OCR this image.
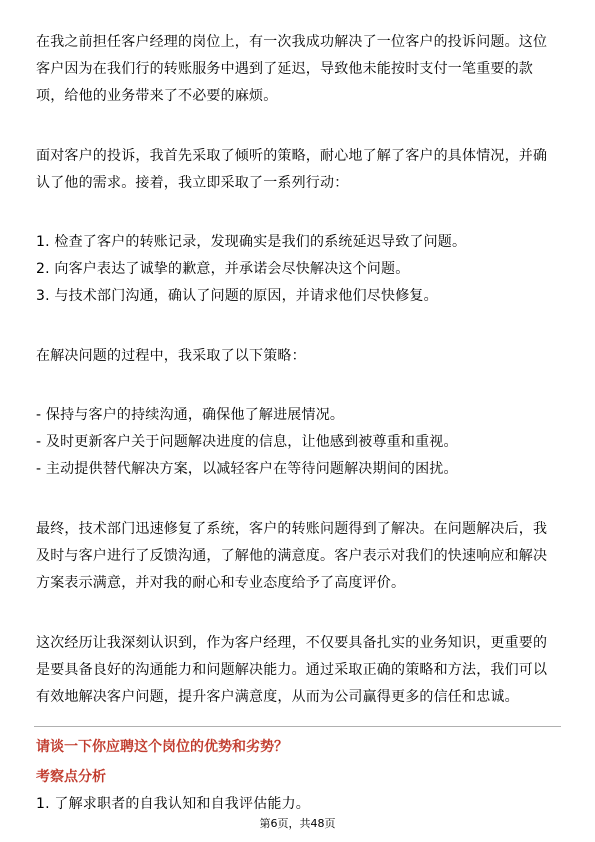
在我之前担任客户经理的岗位上，有一次我成功解决了一位客户的投诉问题。这位
客户因为在我们行的转账服务中遇到了延迟，导致他未能按时支付一笔重要的款
项，给他的业务带来了不必要的麻烦。
面对客户的投诉，我首先采取了倾听的策略，耐心地了解了客户的具体情况，并确
认了他的需求。接着，我立即采取了一系列行动：
1. 检查了客户的转账记录，发现确实是我们的系统延迟导致了问题。
2. 向客户表达了诚挚的歉意，并承诺会尽快解决这个问题。
3. 与技术部门沟通，确认了问题的原因，并请求他们尽快修复。
在解决问题的过程中，我采取了以下策略：
- 保持与客户的持续沟通，确保他了解进展情况。
- 及时更新客户关于问题解决进度的信息，让他感到被尊重和重视。
- 主动提供替代解决方案，以减轻客户在等待问题解决期间的困扰。
最终，技术部门迅速修复了系统，客户的转账问题得到了解决。在问题解决后，我
及时与客户进行了反馈沟通，了解他的满意度。客户表示对我们的快速响应和解决
方案表示满意，并对我的耐心和专业态度给予了高度评价。
这次经历让我深刻认识到，作为客户经理，不仅要具备扎实的业务知识，更重要的
是要具备良好的沟通能力和问题解决能力。通过采取正确的策略和方法，我们可以
有效地解决客户问题，提升客户满意度，从而为公司赢得更多的信任和忠诚。
请谈一下你应聘这个岗位的优势和劣势？
考察点分析
1. 了解求职者的自我认知和自我评估能力。
第6页，共48页
